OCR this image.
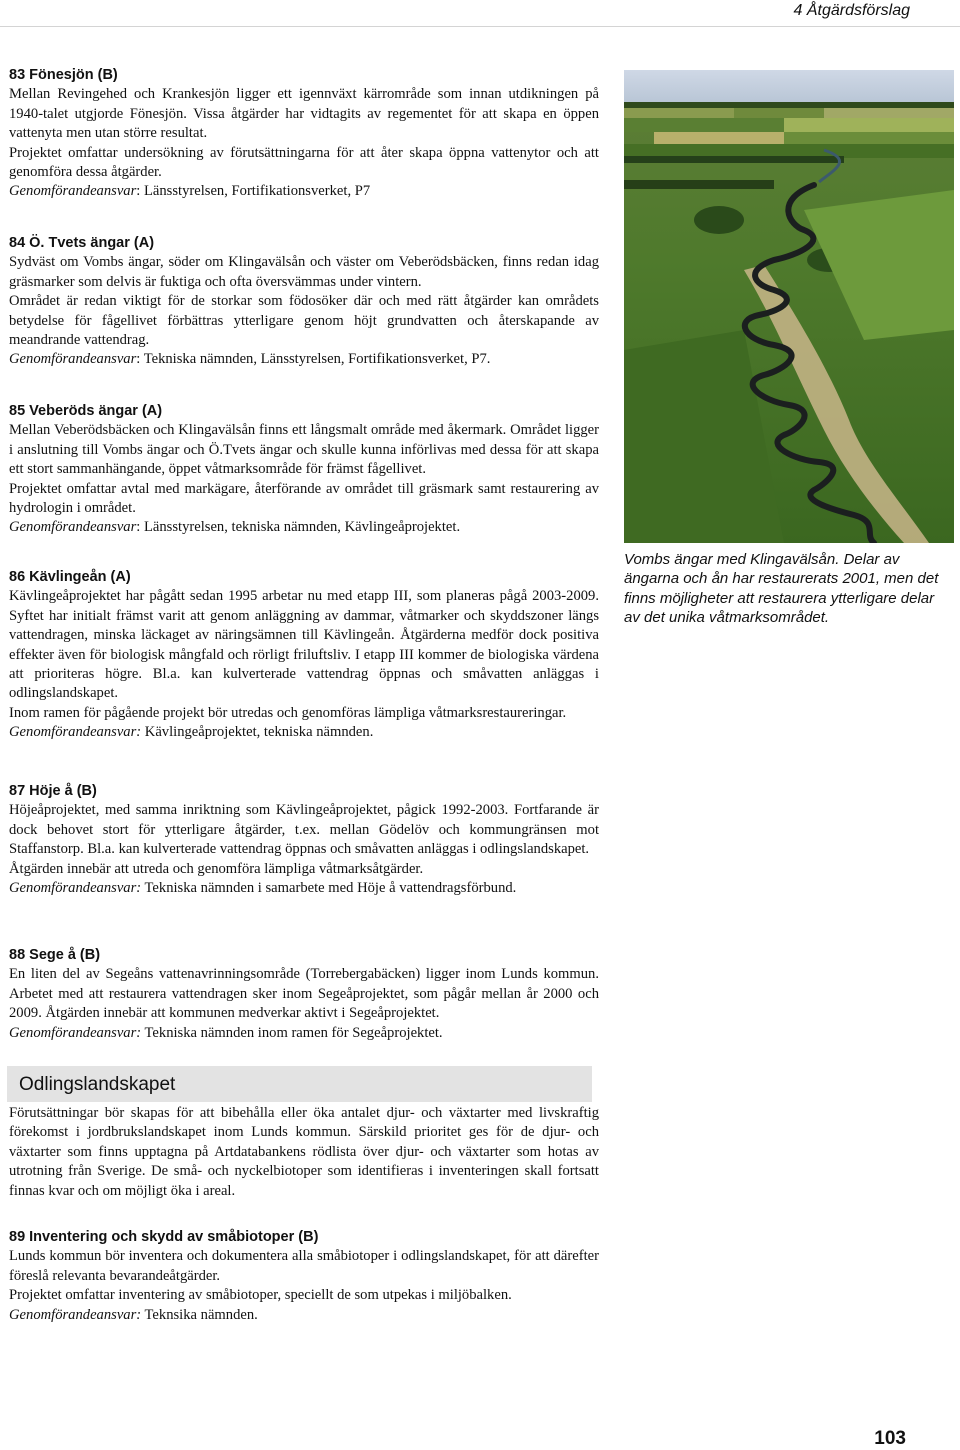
4 Åtgärdsförslag
83 Fönesjön (B)

Mellan Revingehed och Krankesjön ligger ett igennväxt kärrområde som innan utdikningen på 1940-talet utgjorde Fönesjön. Vissa åtgärder har vidtagits av regementet för att skapa en öppen vattenyta men utan större resultat.

Projektet omfattar undersökning av förutsättningarna för att åter skapa öppna vattenytor och att genomföra dessa åtgärder.

Genomförandeansvar: Länsstyrelsen, Fortifikationsverket, P7

84 Ö. Tvets ängar (A)

Sydväst om Vombs ängar, söder om Klingavälsån och väster om Veberödsbäcken, finns redan idag gräsmarker som delvis är fuktiga och ofta översvämmas under vintern.

Området är redan viktigt för de storkar som födosöker där och med rätt åtgärder kan områdets betydelse för fågellivet förbättras ytterligare genom höjt grundvatten och återskapande av meandrande vattendrag.

Genomförandeansvar: Tekniska nämnden, Länsstyrelsen, Fortifikationsverket, P7.

85 Veberöds ängar (A)

Mellan Veberödsbäcken och Klingavälsån finns ett långsmalt område med åkermark. Området ligger i anslutning till Vombs ängar och Ö.Tvets ängar och skulle kunna införlivas med dessa för att skapa ett stort sammanhängande, öppet våtmarksområde för främst fågellivet.

Projektet omfattar avtal med markägare, återförande av området till gräsmark samt restaurering av hydrologin i området.

Genomförandeansvar: Länsstyrelsen, tekniska nämnden, Kävlingeåprojektet.

86 Kävlingeån (A)

Kävlingeåprojektet har pågått sedan 1995 arbetar nu med etapp III, som planeras pågå 2003-2009. Syftet har initialt främst varit att genom anläggning av dammar, våtmarker och skyddszoner längs vattendragen, minska läckaget av näringsämnen till Kävlingeån. Åtgärderna medför dock positiva effekter även för biologisk mångfald och rörligt friluftsliv. I etapp III kommer de biologiska värdena att prioriteras högre. Bl.a. kan kulverterade vattendrag öppnas och småvatten anläggas i odlingslandskapet.

Inom ramen för pågående projekt bör utredas och genomföras lämpliga våtmarksrestaureringar.

Genomförandeansvar: Kävlingeåprojektet, tekniska nämnden.

87 Höje å (B)

Höjeåprojektet, med samma inriktning som Kävlingeåprojektet, pågick 1992-2003. Fortfarande är dock behovet stort för ytterligare åtgärder, t.ex. mellan Gödelöv och kommungränsen mot Staffanstorp. Bl.a. kan kulverterade vattendrag öppnas och småvatten anläggas i odlingslandskapet.

Åtgärden innebär att utreda och genomföra lämpliga våtmarksåtgärder.

Genomförandeansvar: Tekniska nämnden i samarbete med Höje å vattendragsförbund.

88 Sege å (B)

En liten del av Segeåns vattenavrinningsområde (Torrebergabäcken) ligger inom Lunds kommun. Arbetet med att restaurera vattendragen sker inom Segeåprojektet, som pågår mellan år 2000 och 2009. Åtgärden innebär att kommunen medverkar aktivt i Segeåprojektet.

Genomförandeansvar: Tekniska nämnden inom ramen för Segeåprojektet.

Odlingslandskapet

Förutsättningar bör skapas för att bibehålla eller öka antalet djur- och växtarter med livskraftig förekomst i jordbrukslandskapet inom Lunds kommun. Särskild prioritet ges för de djur- och växtarter som finns upptagna på Artdatabankens rödlista över djur- och växtarter som hotas av utrotning från Sverige. De små- och nyckelbiotoper som identifieras i inventeringen skall fortsatt finnas kvar och om möjligt öka i areal.

89 Inventering och skydd av småbiotoper (B)

Lunds kommun bör inventera och dokumentera alla småbiotoper i odlingslandskapet, för att därefter föreslå relevanta bevarandeåtgärder.

Projektet omfattar inventering av småbiotoper, speciellt de som utpekas i miljöbalken.

Genomförandeansvar: Teknsika nämnden.

Vombs ängar med Klingavälsån. Delar av ängarna och ån har restaurerats 2001, men det finns möjligheter att restaurera ytterligare delar av det unika våtmarksområdet.
103
